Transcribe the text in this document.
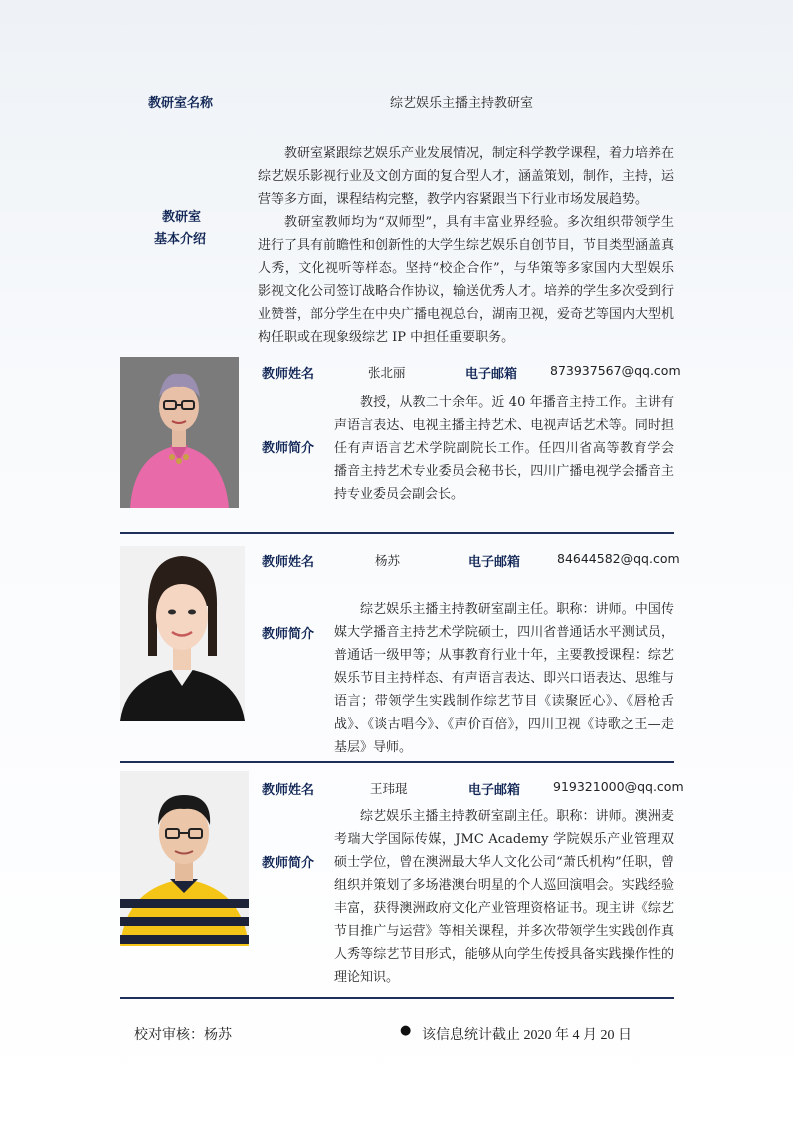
教研室名称	综艺娱乐主播主持教研室
教研室
基本介绍

教研室紧跟综艺娱乐产业发展情况，制定科学教学课程，着力培养在综艺娱乐影视行业及文创方面的复合型人才，涵盖策划，制作，主持，运营等多方面，课程结构完整，教学内容紧跟当下行业市场发展趋势。

教研室教师均为“双师型”，具有丰富业界经验。多次组织带领学生进行了具有前瞻性和创新性的大学生综艺娱乐自创节目，节目类型涵盖真人秀，文化视听等样态。坚持“校企合作”，与华策等多家国内大型娱乐影视文化公司签订战略合作协议，输送优秀人才。培养的学生多次受到行业赞誉，部分学生在中央广播电视总台，湖南卫视，爱奇艺等国内大型机构任职或在现象级综艺 IP 中担任重要职务。

教师姓名	张北丽	电子邮箱	873937567@qq.com
教师简介

教授，从教二十余年。近 40 年播音主持工作。主讲有声语言表达、电视主播主持艺术、电视声话艺术等。同时担任有声语言艺术学院副院长工作。任四川省高等教育学会 播音主持艺术专业委员会秘书长，四川广播电视学会播音主持专业委员会副会长。

教师姓名	杨苏	电子邮箱	84644582@qq.com
教师简介

综艺娱乐主播主持教研室副主任。职称：讲师。中国传媒大学播音主持艺术学院硕士，四川省普通话水平测试员，普通话一级甲等；从事教育行业十年，主要教授课程：综艺娱乐节目主持样态、有声语言表达、即兴口语表达、思维与语言；带领学生实践制作综艺节目《读聚匠心》、《唇枪舌战》、《谈古唱今》、《声价百倍》，四川卫视《诗歌之王—走基层》导师。

教师姓名	王玮琨	电子邮箱	919321000@qq.com
教师简介

综艺娱乐主播主持教研室副主任。职称：讲师。澳洲麦考瑞大学国际传媒，JMC Academy 学院娱乐产业管理双硕士学位，曾在澳洲最大华人文化公司“萧氏机构”任职，曾组织并策划了多场港澳台明星的个人巡回演唱会。实践经验丰富，获得澳洲政府文化产业管理资格证书。现主讲《综艺节目推广与运营》等相关课程，并多次带领学生实践创作真人秀等综艺节目形式，能够从向学生传授具备实践操作性的理论知识。

校对审核：杨苏	● 该信息统计截止 2020 年 4 月 20 日
